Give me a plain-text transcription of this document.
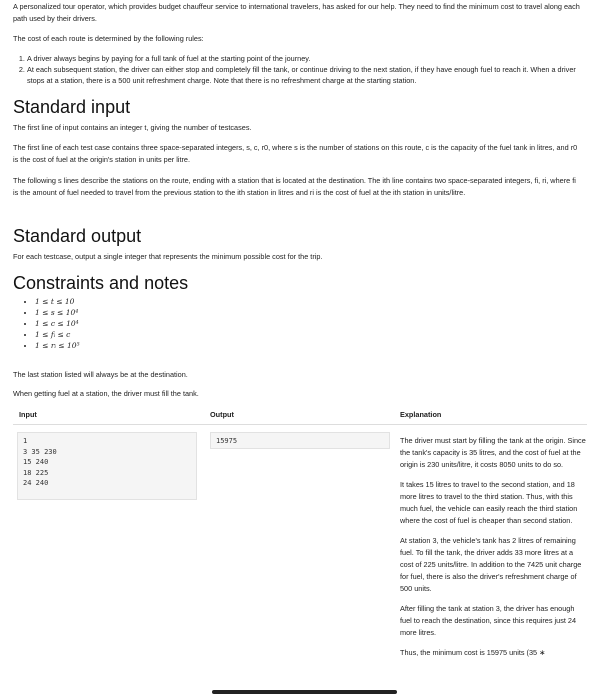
A personalized tour operator, which provides budget chauffeur service to international travelers, has asked for our help. They need to find the minimum cost to travel along each path used by their drivers.

The cost of each route is determined by the following rules:

1. A driver always begins by paying for a full tank of fuel at the starting point of the journey.
2. At each subsequent station, the driver can either stop and completely fill the tank, or continue driving to the next station, if they have enough fuel to reach it. When a driver stops at a station, there is a 500 unit refreshment charge. Note that there is no refreshment charge at the starting station.
Standard input

The first line of input contains an integer t, giving the number of testcases.

The first line of each test case contains three space-separated integers, s, c, r0, where s is the number of stations on this route, c is the capacity of the fuel tank in litres, and r0 is the cost of fuel at the origin's station in units per litre.

The following s lines describe the stations on the route, ending with a station that is located at the destination. The ith line contains two space-separated integers, fi, ri, where fi is the amount of fuel needed to travel from the previous station to the ith station in litres and ri is the cost of fuel at the ith station in units/litre.

Standard output

For each testcase, output a single integer that represents the minimum possible cost for the trip.

Constraints and notes
• 1 ≤ t ≤ 10
• 1 ≤ s ≤ 10⁴
• 1 ≤ c ≤ 10⁴
• 1 ≤ fᵢ ≤ c
• 1 ≤ rᵢ ≤ 10⁵

The last station listed will always be at the destination.

When getting fuel at a station, the driver must fill the tank.

Input	Output	Explanation
1
3 35 230
15 240
18 225
24 240
15975	The driver must start by filling the tank at the origin. Since the tank's capacity is 35 litres, and the cost of fuel at the origin is 230 units/litre, it costs 8050 units to do so.

It takes 15 litres to travel to the second station, and 18 more litres to travel to the third station. Thus, with this much fuel, the vehicle can easily reach the third station where the cost of fuel is cheaper than second station.

At station 3, the vehicle's tank has 2 litres of remaining fuel. To fill the tank, the driver adds 33 more litres at a cost of 225 units/litre. In addition to the 7425 unit charge for fuel, there is also the driver's refreshment charge of 500 units.

After filling the tank at station 3, the driver has enough fuel to reach the destination, since this requires just 24 more litres.

Thus, the minimum cost is 15975 units (35 ∗
